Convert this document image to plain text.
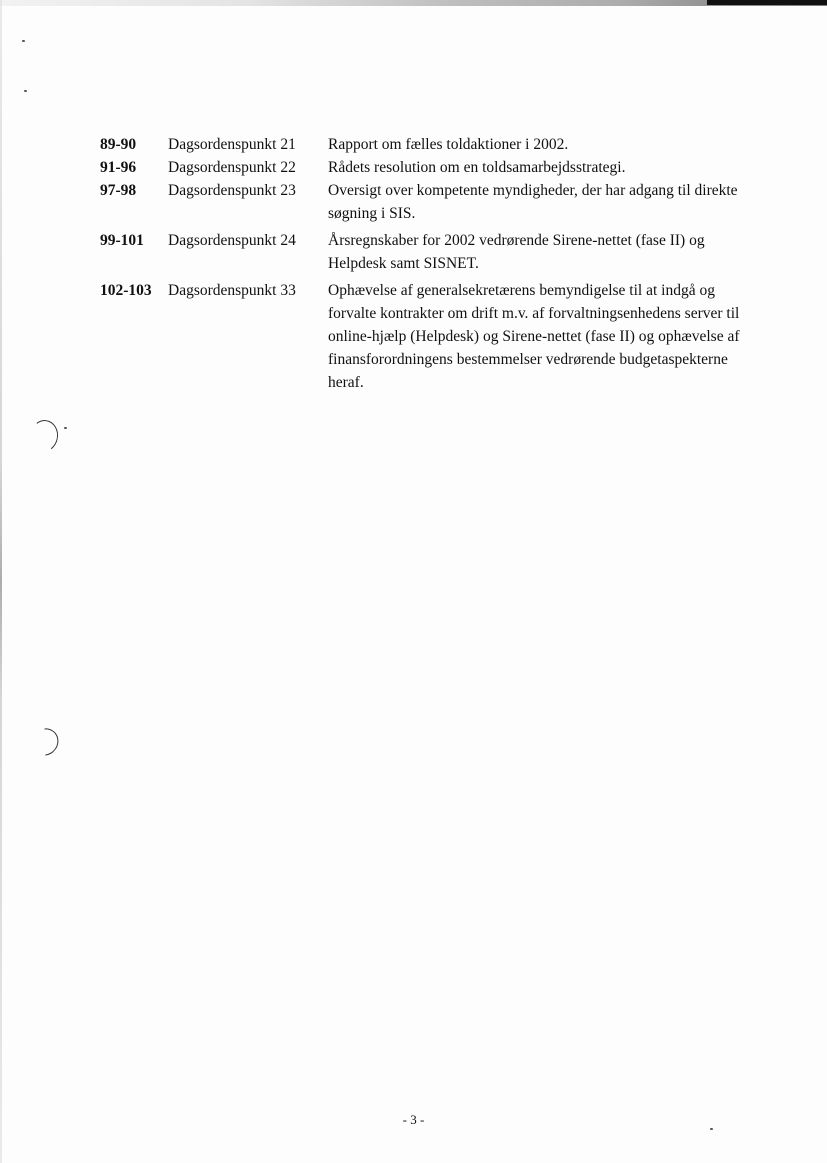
89-90	Dagsordenspunkt 21	Rapport om fælles toldaktioner i 2002.
91-96	Dagsordenspunkt 22	Rådets resolution om en toldsamarbejdsstrategi.
97-98	Dagsordenspunkt 23	Oversigt over kompetente myndigheder, der har adgang til direkte søgning i SIS.
99-101	Dagsordenspunkt 24	Årsregnskaber for 2002 vedrørende Sirene-nettet (fase II) og Helpdesk samt SISNET.
102-103	Dagsordenspunkt 33	Ophævelse af generalsekretærens bemyndigelse til at indgå og forvalte kontrakter om drift m.v. af forvaltningsenhedens server til online-hjælp (Helpdesk) og Sirene-nettet (fase II) og ophævelse af finansforordningens bestemmelser vedrørende budgetaspekterne heraf.
- 3 -
